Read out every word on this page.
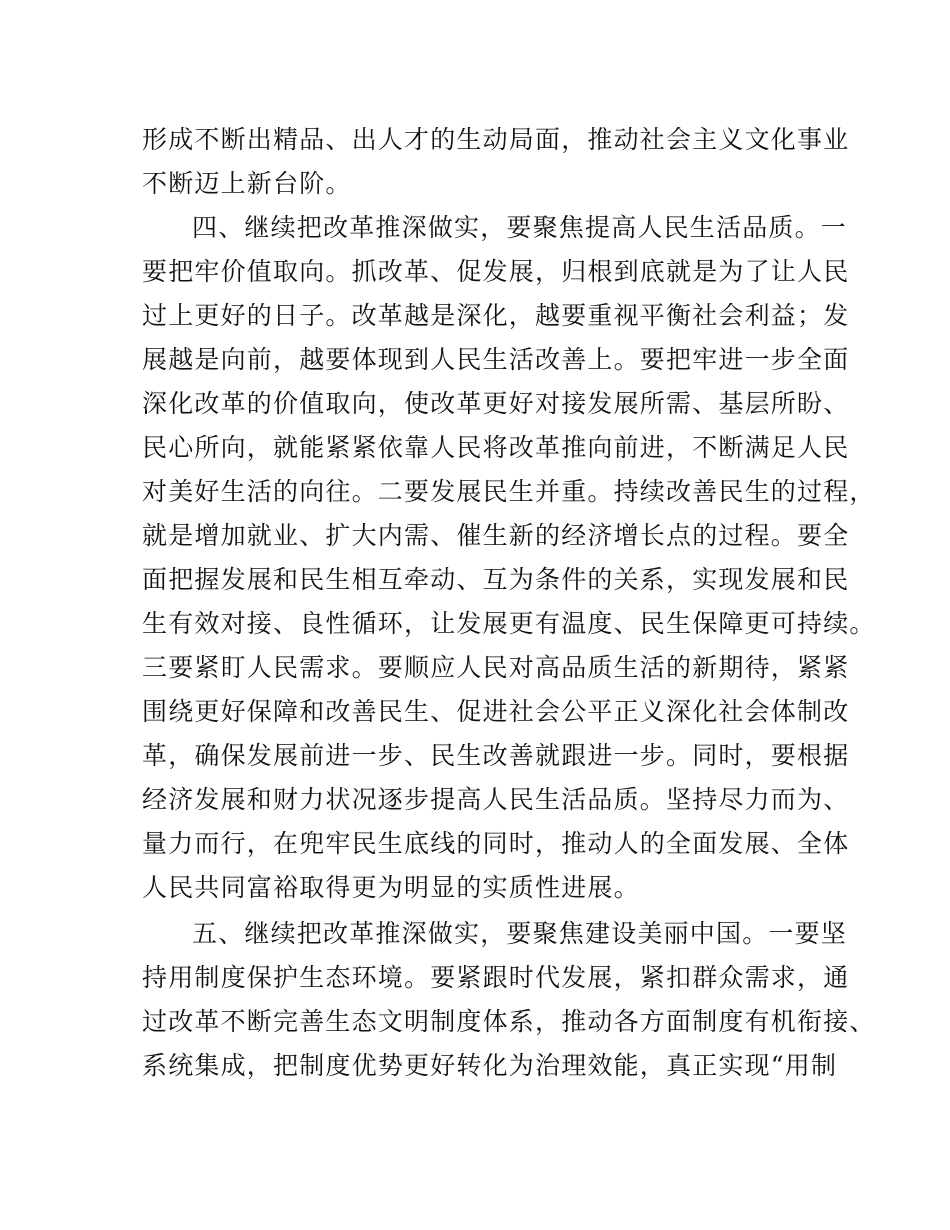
形成不断出精品、出人才的生动局面，推动社会主义文化事业
不断迈上新台阶。
四、继续把改革推深做实，要聚焦提高人民生活品质。一
要把牢价值取向。抓改革、促发展，归根到底就是为了让人民
过上更好的日子。改革越是深化，越要重视平衡社会利益；发
展越是向前，越要体现到人民生活改善上。要把牢进一步全面
深化改革的价值取向，使改革更好对接发展所需、基层所盼、
民心所向，就能紧紧依靠人民将改革推向前进，不断满足人民
对美好生活的向往。二要发展民生并重。持续改善民生的过程，
就是增加就业、扩大内需、催生新的经济增长点的过程。要全
面把握发展和民生相互牵动、互为条件的关系，实现发展和民
生有效对接、良性循环，让发展更有温度、民生保障更可持续。
三要紧盯人民需求。要顺应人民对高品质生活的新期待，紧紧
围绕更好保障和改善民生、促进社会公平正义深化社会体制改
革，确保发展前进一步、民生改善就跟进一步。同时，要根据
经济发展和财力状况逐步提高人民生活品质。坚持尽力而为、
量力而行，在兜牢民生底线的同时，推动人的全面发展、全体
人民共同富裕取得更为明显的实质性进展。
五、继续把改革推深做实，要聚焦建设美丽中国。一要坚
持用制度保护生态环境。要紧跟时代发展，紧扣群众需求，通
过改革不断完善生态文明制度体系，推动各方面制度有机衔接、
系统集成，把制度优势更好转化为治理效能，真正实现“用制
